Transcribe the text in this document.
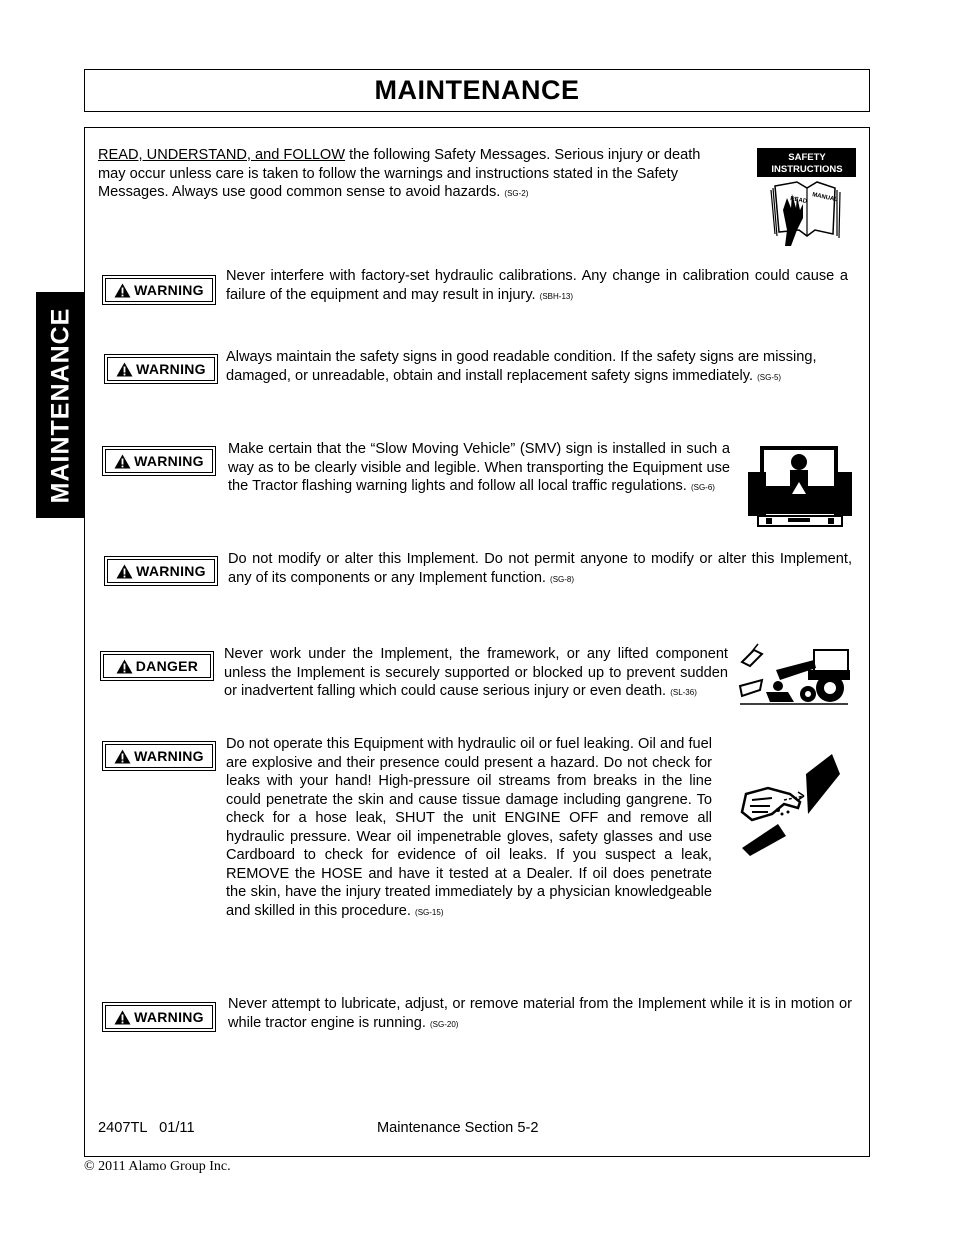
MAINTENANCE
MAINTENANCE
READ, UNDERSTAND, and FOLLOW the following Safety Messages. Serious injury or death may occur unless care is taken to follow the warnings and instructions stated in the Safety Messages. Always use good common sense to avoid hazards. (SG-2)
SAFETY
INSTRUCTIONS
READ MANUAL
WARNING
Never interfere with factory-set hydraulic calibrations. Any change in calibration could cause a failure of the equipment and may result in injury. (SBH-13)
WARNING
Always maintain the safety signs in good readable condition. If the safety signs are missing, damaged, or unreadable, obtain and install replacement safety signs immediately. (SG-5)
WARNING
Make certain that the “Slow Moving Vehicle” (SMV) sign is installed in such a way as to be clearly visible and legible. When transporting the Equipment use the Tractor flashing warning lights and follow all local traffic regulations. (SG-6)
WARNING
Do not modify or alter this Implement. Do not permit anyone to modify or alter this Implement, any of its components or any Implement function. (SG-8)
DANGER
Never work under the Implement, the framework, or any lifted component unless the Implement is securely supported or blocked up to prevent sudden or inadvertent falling which could cause serious injury or even death. (SL-36)
WARNING
Do not operate this Equipment with hydraulic oil or fuel leaking. Oil and fuel are explosive and their presence could present a hazard. Do not check for leaks with your hand! High-pressure oil streams from breaks in the line could penetrate the skin and cause tissue damage including gangrene. To check for a hose leak, SHUT the unit ENGINE OFF and remove all hydraulic pressure. Wear oil impenetrable gloves, safety glasses and use Cardboard to check for evidence of oil leaks. If you suspect a leak, REMOVE the HOSE and have it tested at a Dealer. If oil does penetrate the skin, have the injury treated immediately by a physician knowledgeable and skilled in this procedure. (SG-15)
WARNING
Never attempt to lubricate, adjust, or remove material from the Implement while it is in motion or while tractor engine is running. (SG-20)
2407TL   01/11	Maintenance Section 5-2
© 2011 Alamo Group Inc.
